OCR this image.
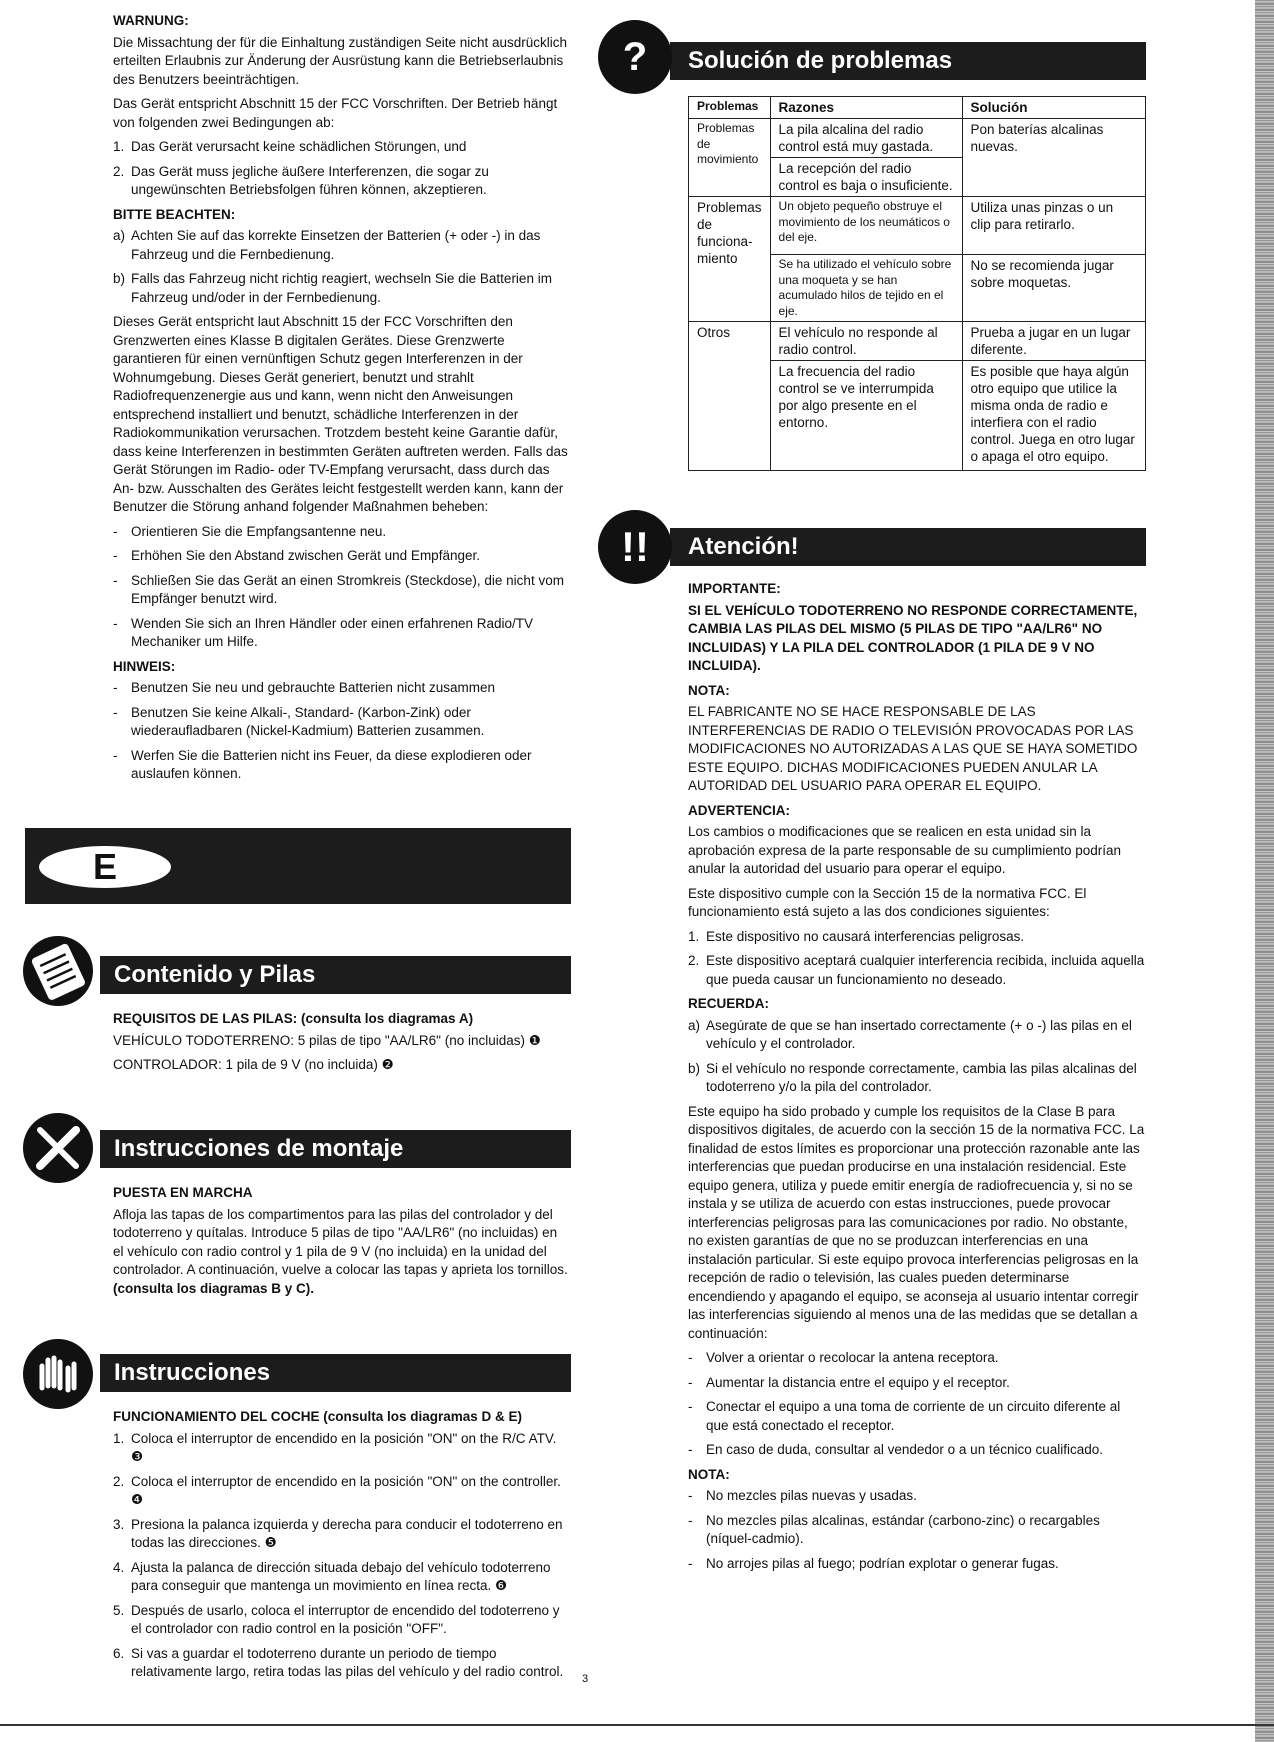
WARNUNG:

Die Missachtung der für die Einhaltung zuständigen Seite nicht ausdrücklich erteilten Erlaubnis zur Änderung der Ausrüstung kann die Betriebserlaubnis des Benutzers beeinträchtigen.

Das Gerät entspricht Abschnitt 15 der FCC Vorschriften. Der Betrieb hängt von folgenden zwei Bedingungen ab:

1. Das Gerät verursacht keine schädlichen Störungen, und
2. Das Gerät muss jegliche äußere Interferenzen, die sogar zu ungewünschten Betriebsfolgen führen können, akzeptieren.
BITTE BEACHTEN:
a) Achten Sie auf das korrekte Einsetzen der Batterien (+ oder -) in das Fahrzeug und die Fernbedienung.
b) Falls das Fahrzeug nicht richtig reagiert, wechseln Sie die Batterien im Fahrzeug und/oder in der Fernbedienung.

Dieses Gerät entspricht laut Abschnitt 15 der FCC Vorschriften den Grenzwerten eines Klasse B digitalen Gerätes. Diese Grenzwerte garantieren für einen vernünftigen Schutz gegen Interferenzen in der Wohnumgebung. Dieses Gerät generiert, benutzt und strahlt Radiofrequenzenergie aus und kann, wenn nicht den Anweisungen entsprechend installiert und benutzt, schädliche Interferenzen in der Radiokommunikation verursachen. Trotzdem besteht keine Garantie dafür, dass keine Interferenzen in bestimmten Geräten auftreten werden. Falls das Gerät Störungen im Radio- oder TV-Empfang verursacht, dass durch das An- bzw. Ausschalten des Gerätes leicht festgestellt werden kann, kann der Benutzer die Störung anhand folgender Maßnahmen beheben:

-	Orientieren Sie die Empfangsantenne neu.
-	Erhöhen Sie den Abstand zwischen Gerät und Empfänger.
-	Schließen Sie das Gerät an einen Stromkreis (Steckdose), die nicht vom Empfänger benutzt wird.
-	Wenden Sie sich an Ihren Händler oder einen erfahrenen Radio/TV Mechaniker um Hilfe.
HINWEIS:
-	Benutzen Sie neu und gebrauchte Batterien nicht zusammen
-	Benutzen Sie keine Alkali-, Standard- (Karbon-Zink) oder wiederaufladbaren (Nickel-Kadmium) Batterien zusammen.
-	Werfen Sie die Batterien nicht ins Feuer, da diese explodieren oder auslaufen können.
E
Contenido y Pilas
REQUISITOS DE LAS PILAS: (consulta los diagramas A)

VEHÍCULO TODOTERRENO: 5 pilas de tipo "AA/LR6" (no incluidas) ❶

CONTROLADOR: 1 pila de 9 V (no incluida) ❷

Instrucciones de montaje
PUESTA EN MARCHA

Afloja las tapas de los compartimentos para las pilas del controlador y del todoterreno y quítalas. Introduce 5 pilas de tipo "AA/LR6" (no incluidas) en el vehículo con radio control y 1 pila de 9 V (no incluida) en la unidad del controlador. A continuación, vuelve a colocar las tapas y aprieta los tornillos. (consulta los diagramas B y C).

Instrucciones
FUNCIONAMIENTO DEL COCHE (consulta los diagramas D & E)
1. Coloca el interruptor de encendido en la posición "ON" on the R/C ATV. ❸
2. Coloca el interruptor de encendido en la posición "ON" on the controller. ❹
3. Presiona la palanca izquierda y derecha para conducir el todoterreno en todas las direcciones. ❺
4. Ajusta la palanca de dirección situada debajo del vehículo todoterreno para conseguir que mantenga un movimiento en línea recta. ❻
5. Después de usarlo, coloca el interruptor de encendido del todoterreno y el controlador con radio control en la posición "OFF".
6. Si vas a guardar el todoterreno durante un periodo de tiempo relativamente largo, retira todas las pilas del vehículo y del radio control.
Solución de problemas
?
Problemas	Razones	Solución
Problemas de movimiento	La pila alcalina del radio control está muy gastada.	Pon baterías alcalinas nuevas.
	La recepción del radio control es baja o insuficiente.	
Problemas de funciona-miento	Un objeto pequeño obstruye el movimiento de los neumáticos o del eje.	Utiliza unas pinzas o un clip para retirarlo.
	Se ha utilizado el vehículo sobre una moqueta y se han acumulado hilos de tejido en el eje.	No se recomienda jugar sobre moquetas.
Otros	El vehículo no responde al radio control.	Prueba a jugar en un lugar diferente.
	La frecuencia del radio control se ve interrumpida por algo presente en el entorno.	Es posible que haya algún otro equipo que utilice la misma onda de radio e interfiera con el radio control. Juega en otro lugar o apaga el otro equipo.
Atención!
!!
IMPORTANTE:

SI EL VEHÍCULO TODOTERRENO NO RESPONDE CORRECTAMENTE, CAMBIA LAS PILAS DEL MISMO (5 PILAS DE TIPO "AA/LR6" NO INCLUIDAS) Y LA PILA DEL CONTROLADOR (1 PILA DE 9 V NO INCLUIDA).

NOTA:

EL FABRICANTE NO SE HACE RESPONSABLE DE LAS INTERFERENCIAS DE RADIO O TELEVISIÓN PROVOCADAS POR LAS MODIFICACIONES NO AUTORIZADAS A LAS QUE SE HAYA SOMETIDO ESTE EQUIPO. DICHAS MODIFICACIONES PUEDEN ANULAR LA AUTORIDAD DEL USUARIO PARA OPERAR EL EQUIPO.

ADVERTENCIA:

Los cambios o modificaciones que se realicen en esta unidad sin la aprobación expresa de la parte responsable de su cumplimiento podrían anular la autoridad del usuario para operar el equipo.

Este dispositivo cumple con la Sección 15 de la normativa FCC. El funcionamiento está sujeto a las dos condiciones siguientes:

1. Este dispositivo no causará interferencias peligrosas.
2. Este dispositivo aceptará cualquier interferencia recibida, incluida aquella que pueda causar un funcionamiento no deseado.
RECUERDA:
a) Asegúrate de que se han insertado correctamente (+ o -) las pilas en el vehículo y el controlador.
b) Si el vehículo no responde correctamente, cambia las pilas alcalinas del todoterreno y/o la pila del controlador.

Este equipo ha sido probado y cumple los requisitos de la Clase B para dispositivos digitales, de acuerdo con la sección 15 de la normativa FCC. La finalidad de estos límites es proporcionar una protección razonable ante las interferencias que puedan producirse en una instalación residencial. Este equipo genera, utiliza y puede emitir energía de radiofrecuencia y, si no se instala y se utiliza de acuerdo con estas instrucciones, puede provocar interferencias peligrosas para las comunicaciones por radio. No obstante, no existen garantías de que no se produzcan interferencias en una instalación particular. Si este equipo provoca interferencias peligrosas en la recepción de radio o televisión, las cuales pueden determinarse encendiendo y apagando el equipo, se aconseja al usuario intentar corregir las interferencias siguiendo al menos una de las medidas que se detallan a continuación:

-	Volver a orientar o recolocar la antena receptora.
-	Aumentar la distancia entre el equipo y el receptor.
-	Conectar el equipo a una toma de corriente de un circuito diferente al que está conectado el receptor.
-	En caso de duda, consultar al vendedor o a un técnico cualificado.
NOTA:
-	No mezcles pilas nuevas y usadas.
-	No mezcles pilas alcalinas, estándar (carbono-zinc) o recargables (níquel-cadmio).
-	No arrojes pilas al fuego; podrían explotar o generar fugas.
3
